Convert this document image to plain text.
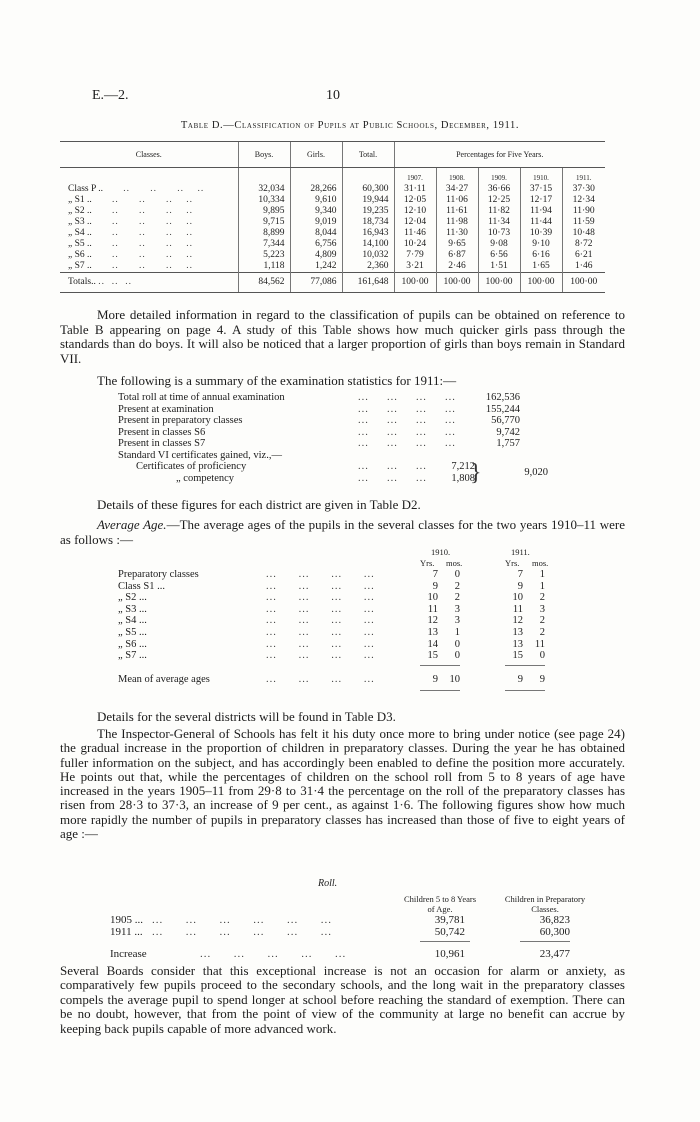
E.—2.	10
Table D.—Classification of Pupils at Public Schools, December, 1911.
Classes.	Boys.	Girls.	Total.	Percentages for Five Years.				
				1907.	1908.	1909.	1910.	1911.
Class P ..      ..      ..      ..    ..	32,034	28,266	60,300	31·11	34·27	36·66	37·15	37·30
„ S1 ..      ..      ..      ..    ..	10,334	9,610	19,944	12·05	11·06	12·25	12·17	12·34
„ S2 ..      ..      ..      ..    ..	9,895	9,340	19,235	12·10	11·61	11·82	11·94	11·90
„ S3 ..      ..      ..      ..    ..	9,715	9,019	18,734	12·04	11·98	11·34	11·44	11·59
„ S4 ..      ..      ..      ..    ..	8,899	8,044	16,943	11·46	11·30	10·73	10·39	10·48
„ S5 ..      ..      ..      ..    ..	7,344	6,756	14,100	10·24	9·65	9·08	9·10	8·72
„ S6 ..      ..      ..      ..    ..	5,223	4,809	10,032	7·79	6·87	6·56	6·16	6·21
„ S7 ..      ..      ..      ..    ..	1,118	1,242	2,360	3·21	2·46	1·51	1·65	1·46
Totals.. ..  ..  ..	84,562	77,086	161,648	100·00	100·00	100·00	100·00	100·00

More detailed information in regard to the classification of pupils can be obtained on reference to Table B appearing on page 4. A study of this Table shows how much quicker girls pass through the standards than do boys. It will also be noticed that a larger proportion of girls than boys remain in Standard VII.

The following is a summary of the examination statistics for 1911:—

Total roll at time of annual examination	...     ...     ...     ...	162,536
Present at examination	...     ...     ...     ...	155,244
Present in preparatory classes	...     ...     ...     ...	56,770
Present in classes S6	...     ...     ...     ...	9,742
Present in classes S7	...     ...     ...     ...	1,757
Standard VI certificates gained, viz.,—
Certificates of proficiency	...     ...     ...	7,212
„ competency	...     ...     ...	1,808
}	9,020

Details of these figures for each district are given in Table D2.

Average Age.—The average ages of the pupils in the several classes for the two years 1910–11 were as follows :—

1910.	1911.
Yrs. mos.	Yrs. mos.
Preparatory classes	...      ...      ...      ...	7	0	7	1
Class S1 ...	...      ...      ...      ...	9	2	9	1
„ S2 ...	...      ...      ...      ...	10	2	10	2
„ S3 ...	...      ...      ...      ...	11	3	11	3
„ S4 ...	...      ...      ...      ...	12	3	12	2
„ S5 ...	...      ...      ...      ...	13	1	13	2
„ S6 ...	...      ...      ...      ...	14	0	13	11
„ S7 ...	...      ...      ...      ...	15	0	15	0
Mean of average ages	...      ...      ...      ...	9	10	9	9

Details for the several districts will be found in Table D3.

The Inspector-General of Schools has felt it his duty once more to bring under notice (see page 24) the gradual increase in the proportion of children in preparatory classes. During the year he has obtained fuller information on the subject, and has accordingly been enabled to define the position more accurately. He points out that, while the percentages of children on the school roll from 5 to 8 years of age have increased in the years 1905–11 from 29·8 to 31·4 the percentage on the roll of the preparatory classes has risen from 28·3 to 37·3, an increase of 9 per cent., as against 1·6. The following figures show how much more rapidly the number of pupils in preparatory classes has increased than those of five to eight years of age :—

Roll.
Children 5 to 8 Years of Age.
Children in Preparatory Classes.
1905 ... ...      ...      ...      ...      ...      ...	39,781	36,823
1911 ... ...      ...      ...      ...      ...      ...	50,742	60,300
Increase	...      ...      ...      ...      ...	10,961	23,477

Several Boards consider that this exceptional increase is not an occasion for alarm or anxiety, as comparatively few pupils proceed to the secondary schools, and the long wait in the preparatory classes compels the average pupil to spend longer at school before reaching the standard of exemption. There can be no doubt, however, that from the point of view of the community at large no benefit can accrue by keeping back pupils capable of more advanced work.
